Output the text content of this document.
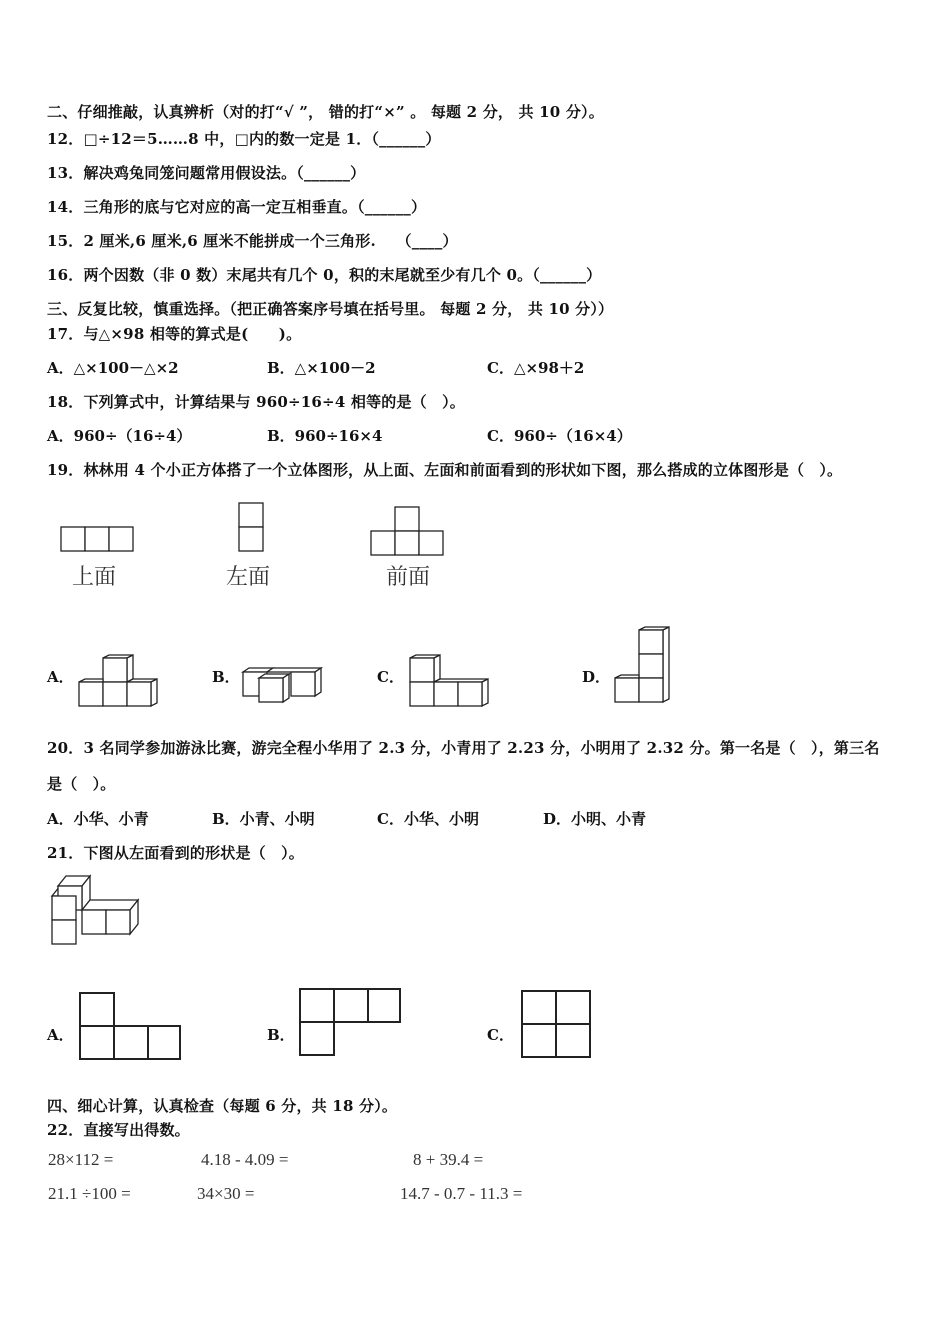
二、仔细推敲，认真辨析（对的打“√ ”， 错的打“×” 。 每题 2 分， 共 10 分）。
12．□÷12＝5……8 中，□内的数一定是 1．（______）
13．解决鸡兔同笼问题常用假设法。（______）
14．三角形的底与它对应的高一定互相垂直。（______）
15．2 厘米,6 厘米,6 厘米不能拼成一个三角形.　 （____）
16．两个因数（非 0 数）末尾共有几个 0，积的末尾就至少有几个 0。（______）
三、反复比较，慎重选择。（把正确答案序号填在括号里。 每题 2 分， 共 10 分））
17．与△×98 相等的算式是(　　)。
A．△×100－△×2	B．△×100－2	C．△×98＋2
18．下列算式中，计算结果与 960÷16÷4 相等的是（　）。
A．960÷（16÷4）	B．960÷16×4	C．960÷（16×4）
19．林林用 4 个小正方体搭了一个立体图形，从上面、左面和前面看到的形状如下图，那么搭成的立体图形是（　）。
上面	左面	前面
A．	B．	C．	D．
20．3 名同学参加游泳比赛，游完全程小华用了 2.3 分，小青用了 2.23 分，小明用了 2.32 分。第一名是（　），第三名
是（　）。
A．小华、小青	B．小青、小明	C．小华、小明	D．小明、小青
21．下图从左面看到的形状是（　）。
A．	B．	C．
四、细心计算，认真检查（每题 6 分，共 18 分）。
22．直接写出得数。
28×112 =	4.18 - 4.09 =	8 + 39.4 =
21.1 ÷100 =	34×30 =	14.7 - 0.7 - 11.3 =
